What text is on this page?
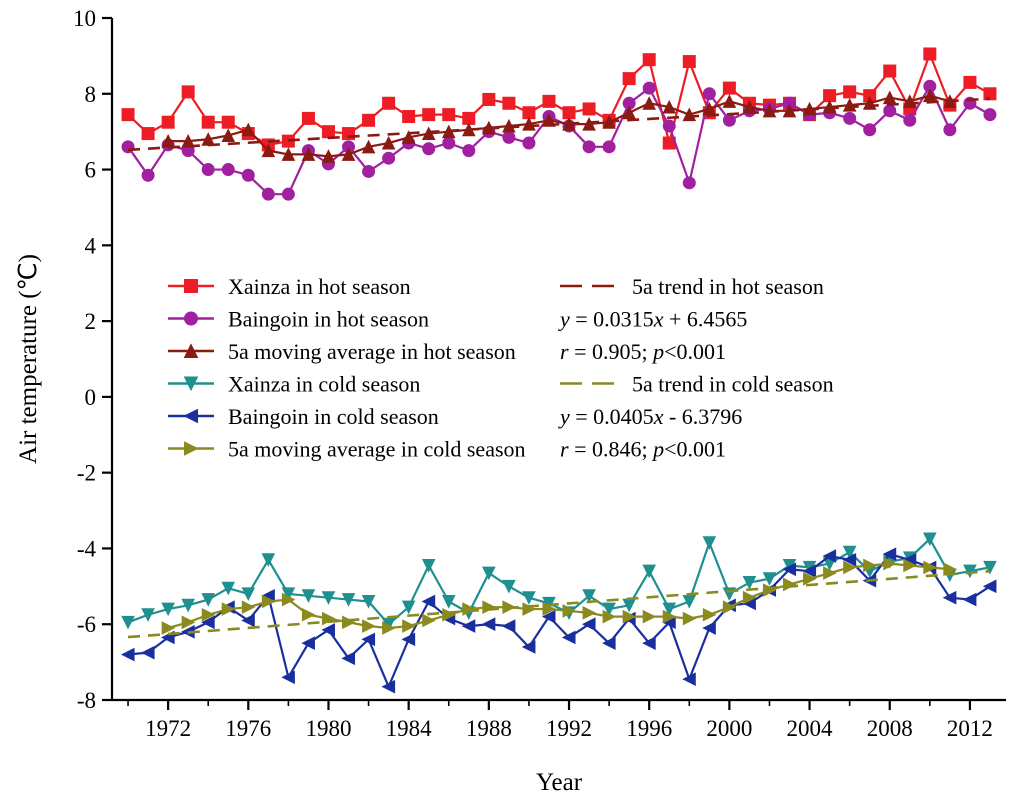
-8
-6
-4
-2
0
2
4
6
8
10
1972 1976 1980 1984 1988 1992 1996 2000 2004 2008 2012
Year
Air temperature (℃)	Xainza in hot season
Baingoin in hot season
5a moving average in hot season
Xainza in cold season
Baingoin in cold season
5a moving average in cold season
5a trend in hot season
5a trend in cold season
y = 0.0315x + 6.4565
r = 0.905; p<0.001
y = 0.0405x - 6.3796
r = 0.846; p<0.001
